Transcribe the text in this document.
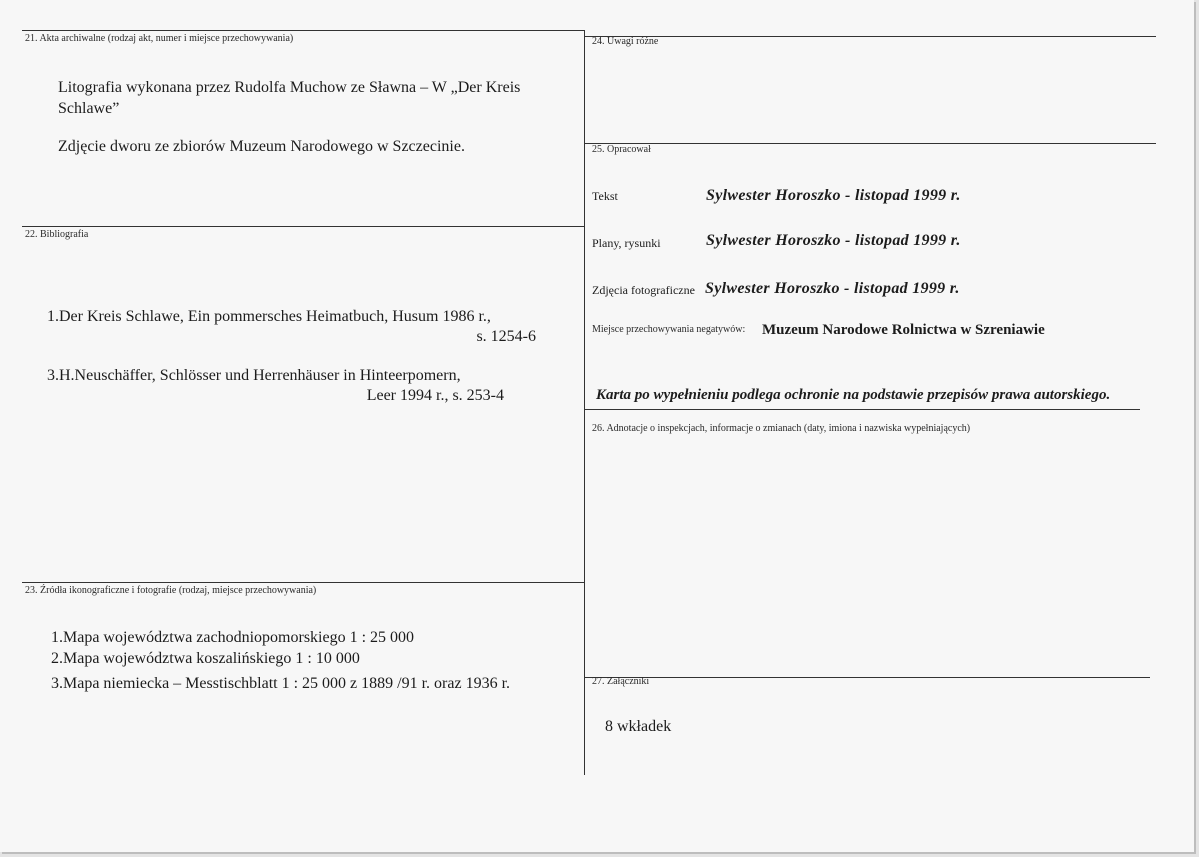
21. Akta archiwalne (rodzaj akt, numer i miejsce przechowywania)
Litografia wykonana przez Rudolfa Muchow ze Sławna – W „Der Kreis Schlawe”
Zdjęcie dworu ze zbiorów Muzeum Narodowego w Szczecinie.
22. Bibliografia
1.Der Kreis Schlawe, Ein pommersches Heimatbuch, Husum 1986 r.,
s. 1254-6
3.H.Neuschäffer, Schlösser und Herrenhäuser in Hinteerpomern,
Leer 1994 r., s. 253-4
23. Źródła ikonograficzne i fotografie (rodzaj, miejsce przechowywania)
1.Mapa województwa zachodniopomorskiego 1 : 25 000
2.Mapa województwa koszalińskiego 1 : 10 000
3.Mapa niemiecka – Messtischblatt 1 : 25 000 z 1889 /91 r. oraz 1936 r.
24. Uwagi różne
25. Opracował
Tekst	Sylwester Horoszko - listopad 1999 r.
Plany, rysunki	Sylwester Horoszko - listopad 1999 r.
Zdjęcia fotograficzne Sylwester Horoszko - listopad 1999 r.
Miejsce przechowywania negatywów: Muzeum Narodowe Rolnictwa w Szreniawie
Karta po wypełnieniu podlega ochronie na podstawie przepisów prawa autorskiego.
26. Adnotacje o inspekcjach, informacje o zmianach (daty, imiona i nazwiska wypełniających)
27. Załączniki
8 wkładek
